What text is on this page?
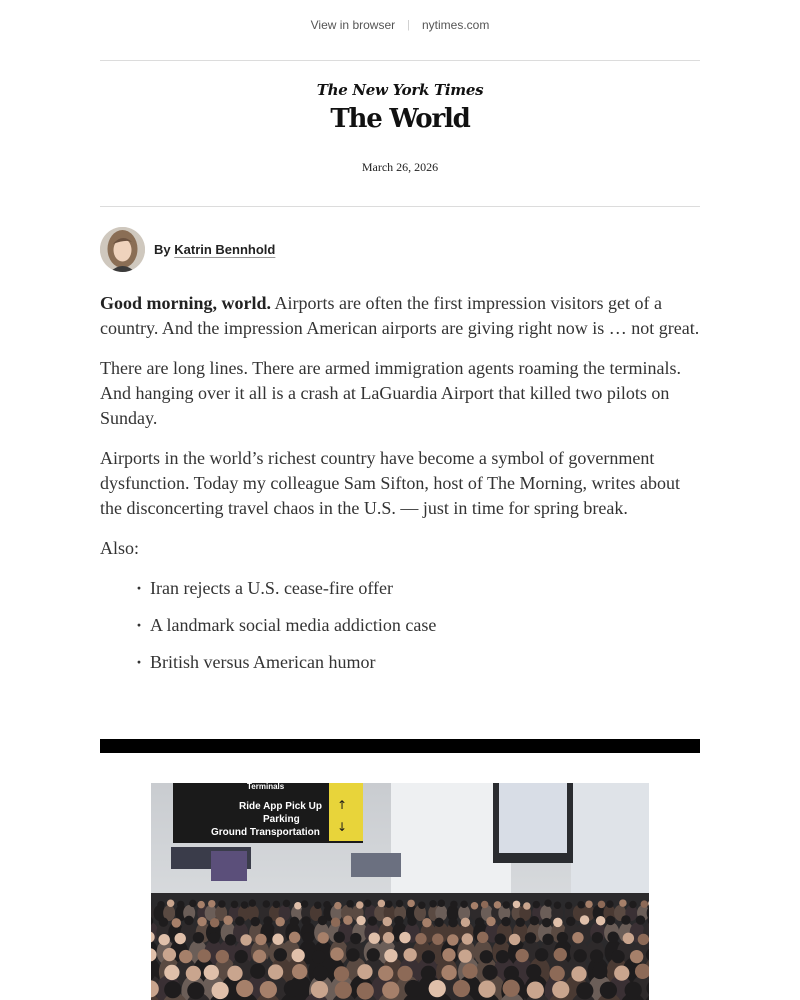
View in browser | nytimes.com
The New York Times
The World
March 26, 2026
By Katrin Bennhold

Good morning, world. Airports are often the first impression visitors get of a country. And the impression American airports are giving right now is … not great.

There are long lines. There are armed immigration agents roaming the terminals. And hanging over it all is a crash at LaGuardia Airport that killed two pilots on Sunday.

Airports in the world’s richest country have become a symbol of government dysfunction. Today my colleague Sam Sifton, host of The Morning, writes about the disconcerting travel chaos in the U.S. — just in time for spring break.

Also:

· Iran rejects a U.S. cease-fire offer
· A landmark social media addiction case
· British versus American humor
Terminals
Ride App Pick Up
Parking
Ground Transportation
↑
↓
